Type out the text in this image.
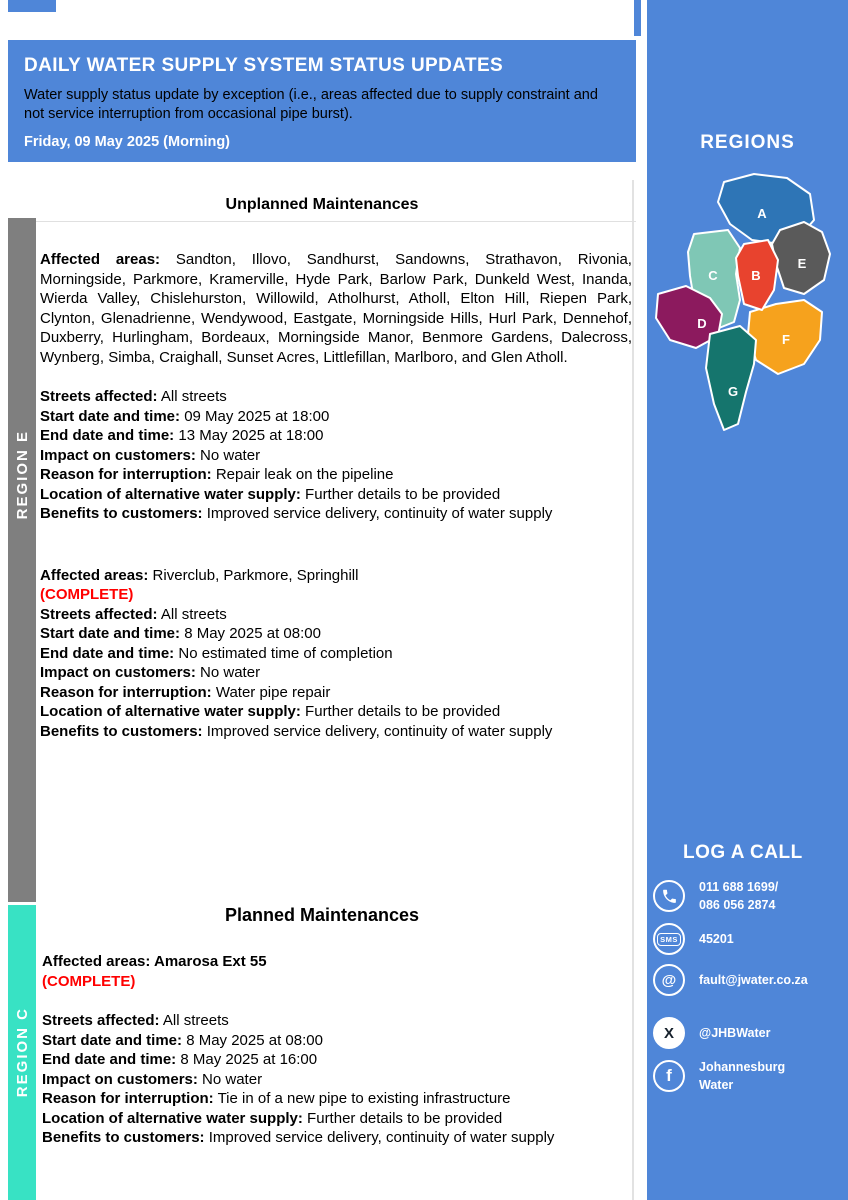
DAILY WATER SUPPLY SYSTEM STATUS UPDATES

Water supply status update by exception (i.e., areas affected due to supply constraint and not service interruption from occasional pipe burst).

Friday, 09 May 2025 (Morning)
Unplanned Maintenances
REGION E

Affected areas: Sandton, Illovo, Sandhurst, Sandowns, Strathavon, Rivonia, Morningside, Parkmore, Kramerville, Hyde Park, Barlow Park, Dunkeld West, Inanda, Wierda Valley, Chislehurston, Willowild, Atholhurst, Atholl, Elton Hill, Riepen Park, Clynton, Glenadrienne, Wendywood, Eastgate, Morningside Hills, Hurl Park, Dennehof, Duxberry, Hurlingham, Bordeaux, Morningside Manor, Benmore Gardens, Dalecross, Wynberg, Simba, Craighall, Sunset Acres, Littlefillan, Marlboro, and Glen Atholl.

Streets affected: All streets
Start date and time: 09 May 2025 at 18:00
End date and time: 13 May 2025 at 18:00
Impact on customers: No water
Reason for interruption: Repair leak on the pipeline
Location of alternative water supply: Further details to be provided
Benefits to customers: Improved service delivery, continuity of water supply
Affected areas: Riverclub, Parkmore, Springhill
(COMPLETE)
Streets affected: All streets
Start date and time: 8 May 2025 at 08:00
End date and time: No estimated time of completion
Impact on customers: No water
Reason for interruption: Water pipe repair
Location of alternative water supply: Further details to be provided
Benefits to customers: Improved service delivery, continuity of water supply
Planned Maintenances
REGION C
Affected areas: Amarosa Ext 55
(COMPLETE)
Streets affected: All streets
Start date and time: 8 May 2025 at 08:00
End date and time: 8 May 2025 at 16:00
Impact on customers: No water
Reason for interruption: Tie in of a new pipe to existing infrastructure
Location of alternative water supply: Further details to be provided
Benefits to customers: Improved service delivery, continuity of water supply
REGIONS
A
E
C
D
B
F
G
LOG A CALL
011 688 1699/
086 056 2874
SMS 45201
@	fault@jwater.co.za
X	@JHBWater
f	Johannesburg
Water
